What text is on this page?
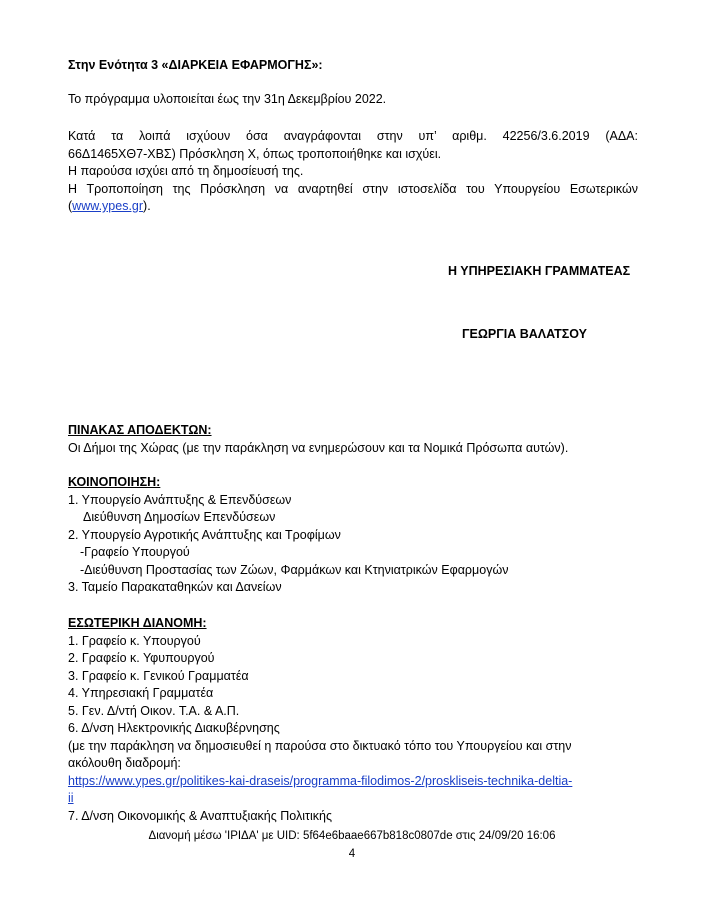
Στην Ενότητα 3 «ΔΙΑΡΚΕΙΑ ΕΦΑΡΜΟΓΗΣ»:
Το πρόγραμμα υλοποιείται έως την 31η Δεκεμβρίου 2022.
Κατά τα λοιπά ισχύουν όσα αναγράφονται στην υπ’ αριθμ. 42256/3.6.2019 (ΑΔΑ:
66Δ1465ΧΘ7-ΧΒΣ) Πρόσκληση Χ, όπως τροποποιήθηκε και ισχύει.
Η παρούσα ισχύει από τη δημοσίευσή της.
Η Τροποποίηση της Πρόσκληση να αναρτηθεί στην ιστοσελίδα του Υπουργείου Εσωτερικών
(www.ypes.gr).
Η ΥΠΗΡΕΣΙΑΚΗ ΓΡΑΜΜΑΤΕΑΣ
ΓΕΩΡΓΙΑ ΒΑΛΑΤΣΟΥ
ΠΙΝΑΚΑΣ ΑΠΟΔΕΚΤΩΝ:
Οι Δήμοι της Χώρας (με την παράκληση να ενημερώσουν και τα Νομικά Πρόσωπα αυτών).
ΚΟΙΝΟΠΟΙΗΣΗ:
1. Υπουργείο Ανάπτυξης & Επενδύσεων
Διεύθυνση Δημοσίων Επενδύσεων
2. Υπουργείο Αγροτικής Ανάπτυξης και Τροφίμων
-Γραφείο Υπουργού
-Διεύθυνση Προστασίας των Ζώων, Φαρμάκων και Κτηνιατρικών Εφαρμογών
3. Ταμείο Παρακαταθηκών και Δανείων
ΕΣΩΤΕΡΙΚΗ ΔΙΑΝΟΜΗ:
1. Γραφείο κ. Υπουργού
2. Γραφείο κ. Υφυπουργού
3. Γραφείο κ. Γενικού Γραμματέα
4. Υπηρεσιακή Γραμματέα
5. Γεν. Δ/ντή Οικον. Τ.Α. & Α.Π.
6. Δ/νση Ηλεκτρονικής Διακυβέρνησης
(με την παράκληση να δημοσιευθεί η παρούσα στο δικτυακό τόπο του Υπουργείου και στην
ακόλουθη διαδρομή:
https://www.ypes.gr/politikes-kai-draseis/programma-filodimos-2/proskliseis-technika-deltia-
ii
7. Δ/νση Οικονομικής & Αναπτυξιακής Πολιτικής
Διανομή μέσω 'ΙΡΙΔΑ' με UID: 5f64e6baae667b818c0807de στις 24/09/20 16:06
4
